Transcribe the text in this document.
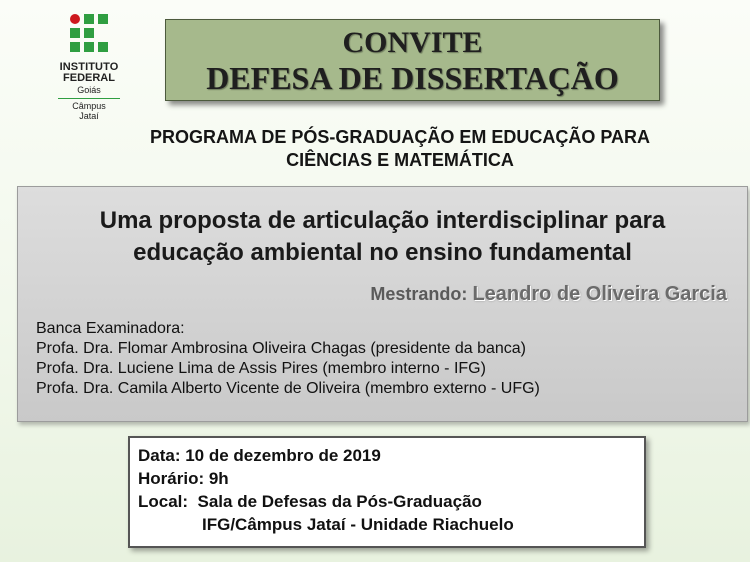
INSTITUTO
FEDERAL
Goiás
Câmpus
Jataí
CONVITE
DEFESA DE DISSERTAÇÃO
PROGRAMA DE PÓS-GRADUAÇÃO EM EDUCAÇÃO PARA
CIÊNCIAS E MATEMÁTICA
Uma proposta de articulação interdisciplinar para
educação ambiental no ensino fundamental
Mestrando: Leandro de Oliveira Garcia
Banca Examinadora:
Profa. Dra. Flomar Ambrosina Oliveira Chagas (presidente da banca)
Profa. Dra. Luciene Lima de Assis Pires (membro interno - IFG)
Profa. Dra. Camila Alberto Vicente de Oliveira (membro externo - UFG)
Data: 10 de dezembro de 2019
Horário: 9h
Local: Sala de Defesas da Pós-Graduação
IFG/Câmpus Jataí - Unidade Riachuelo
